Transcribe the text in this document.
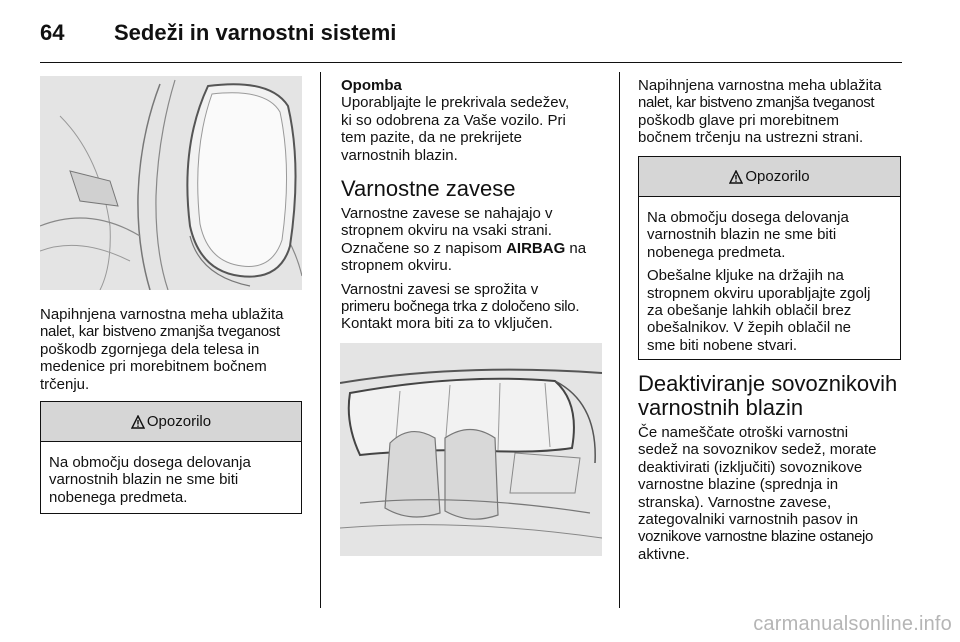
64	Sedeži in varnostni sistemi
Napihnjena varnostna meha ublažita
nalet, kar bistveno zmanjša tveganost
poškodb zgornjega dela telesa in
medenice pri morebitnem bočnem
trčenju.
Opozorilo
Na območju dosega delovanja
varnostnih blazin ne sme biti
nobenega predmeta.
Opomba
Uporabljajte le prekrivala sedežev,
ki so odobrena za Vaše vozilo. Pri
tem pazite, da ne prekrijete
varnostnih blazin.
Varnostne zavese
Varnostne zavese se nahajajo v
stropnem okviru na vsaki strani.
Označene so z napisom AIRBAG na
stropnem okviru.
Varnostni zavesi se sprožita v
primeru bočnega trka z določeno silo.
Kontakt mora biti za to vključen.
Napihnjena varnostna meha ublažita
nalet, kar bistveno zmanjša tveganost
poškodb glave pri morebitnem
bočnem trčenju na ustrezni strani.
Opozorilo

Na območju dosega delovanja
varnostnih blazin ne sme biti
nobenega predmeta.

Obešalne kljuke na držajih na
stropnem okviru uporabljajte zgolj
za obešanje lahkih oblačil brez
obešalnikov. V žepih oblačil ne
sme biti nobene stvari.

Deaktiviranje sovoznikovih
varnostnih blazin
Če nameščate otroški varnostni
sedež na sovoznikov sedež, morate
deaktivirati (izključiti) sovoznikove
varnostne blazine (sprednja in
stranska). Varnostne zavese,
zategovalniki varnostnih pasov in
voznikove varnostne blazine ostanejo
aktivne.
carmanualsonline.info
